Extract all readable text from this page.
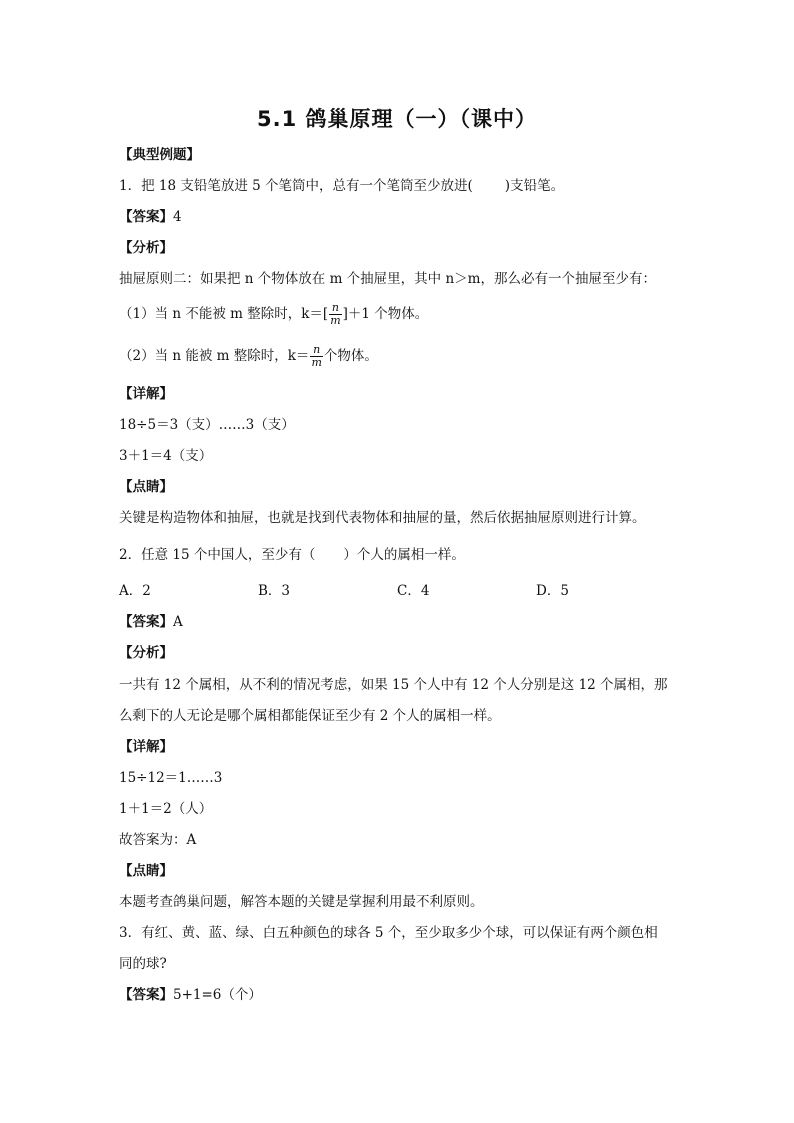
5.1 鸽巢原理（一）（课中）
【典型例题】
1．把 18 支铅笔放进 5 个笔筒中，总有一个笔筒至少放进( )支铅笔。
【答案】4
【分析】
抽屉原则二：如果把 n 个物体放在 m 个抽屉里，其中 n＞m，那么必有一个抽屉至少有：
（1）当 n 不能被 m 整除时，$k=[ \frac{n}{m} ]+1$ 个物体。
（2）当 n 能被 m 整除时，$k= \frac{n}{m}$ 个物体。
【详解】
18÷5＝3（支）……3（支）
3＋1＝4（支）
【点睛】
关键是构造物体和抽屉，也就是找到代表物体和抽屉的量，然后依据抽屉原则进行计算。
2．任意 15 个中国人，至少有（ ）个人的属相一样。
A．2	B．3	C．4	D．5
【答案】A
【分析】
一共有 12 个属相，从不利的情况考虑，如果 15 个人中有 12 个人分别是这 12 个属相，那
么剩下的人无论是哪个属相都能保证至少有 2 个人的属相一样。
【详解】
15÷12＝1……3
1＋1＝2（人）
故答案为：A
【点睛】
本题考查鸽巢问题，解答本题的关键是掌握利用最不利原则。
3．有红、黄、蓝、绿、白五种颜色的球各 5 个，至少取多少个球，可以保证有两个颜色相
同的球?
【答案】5+1=6（个）
